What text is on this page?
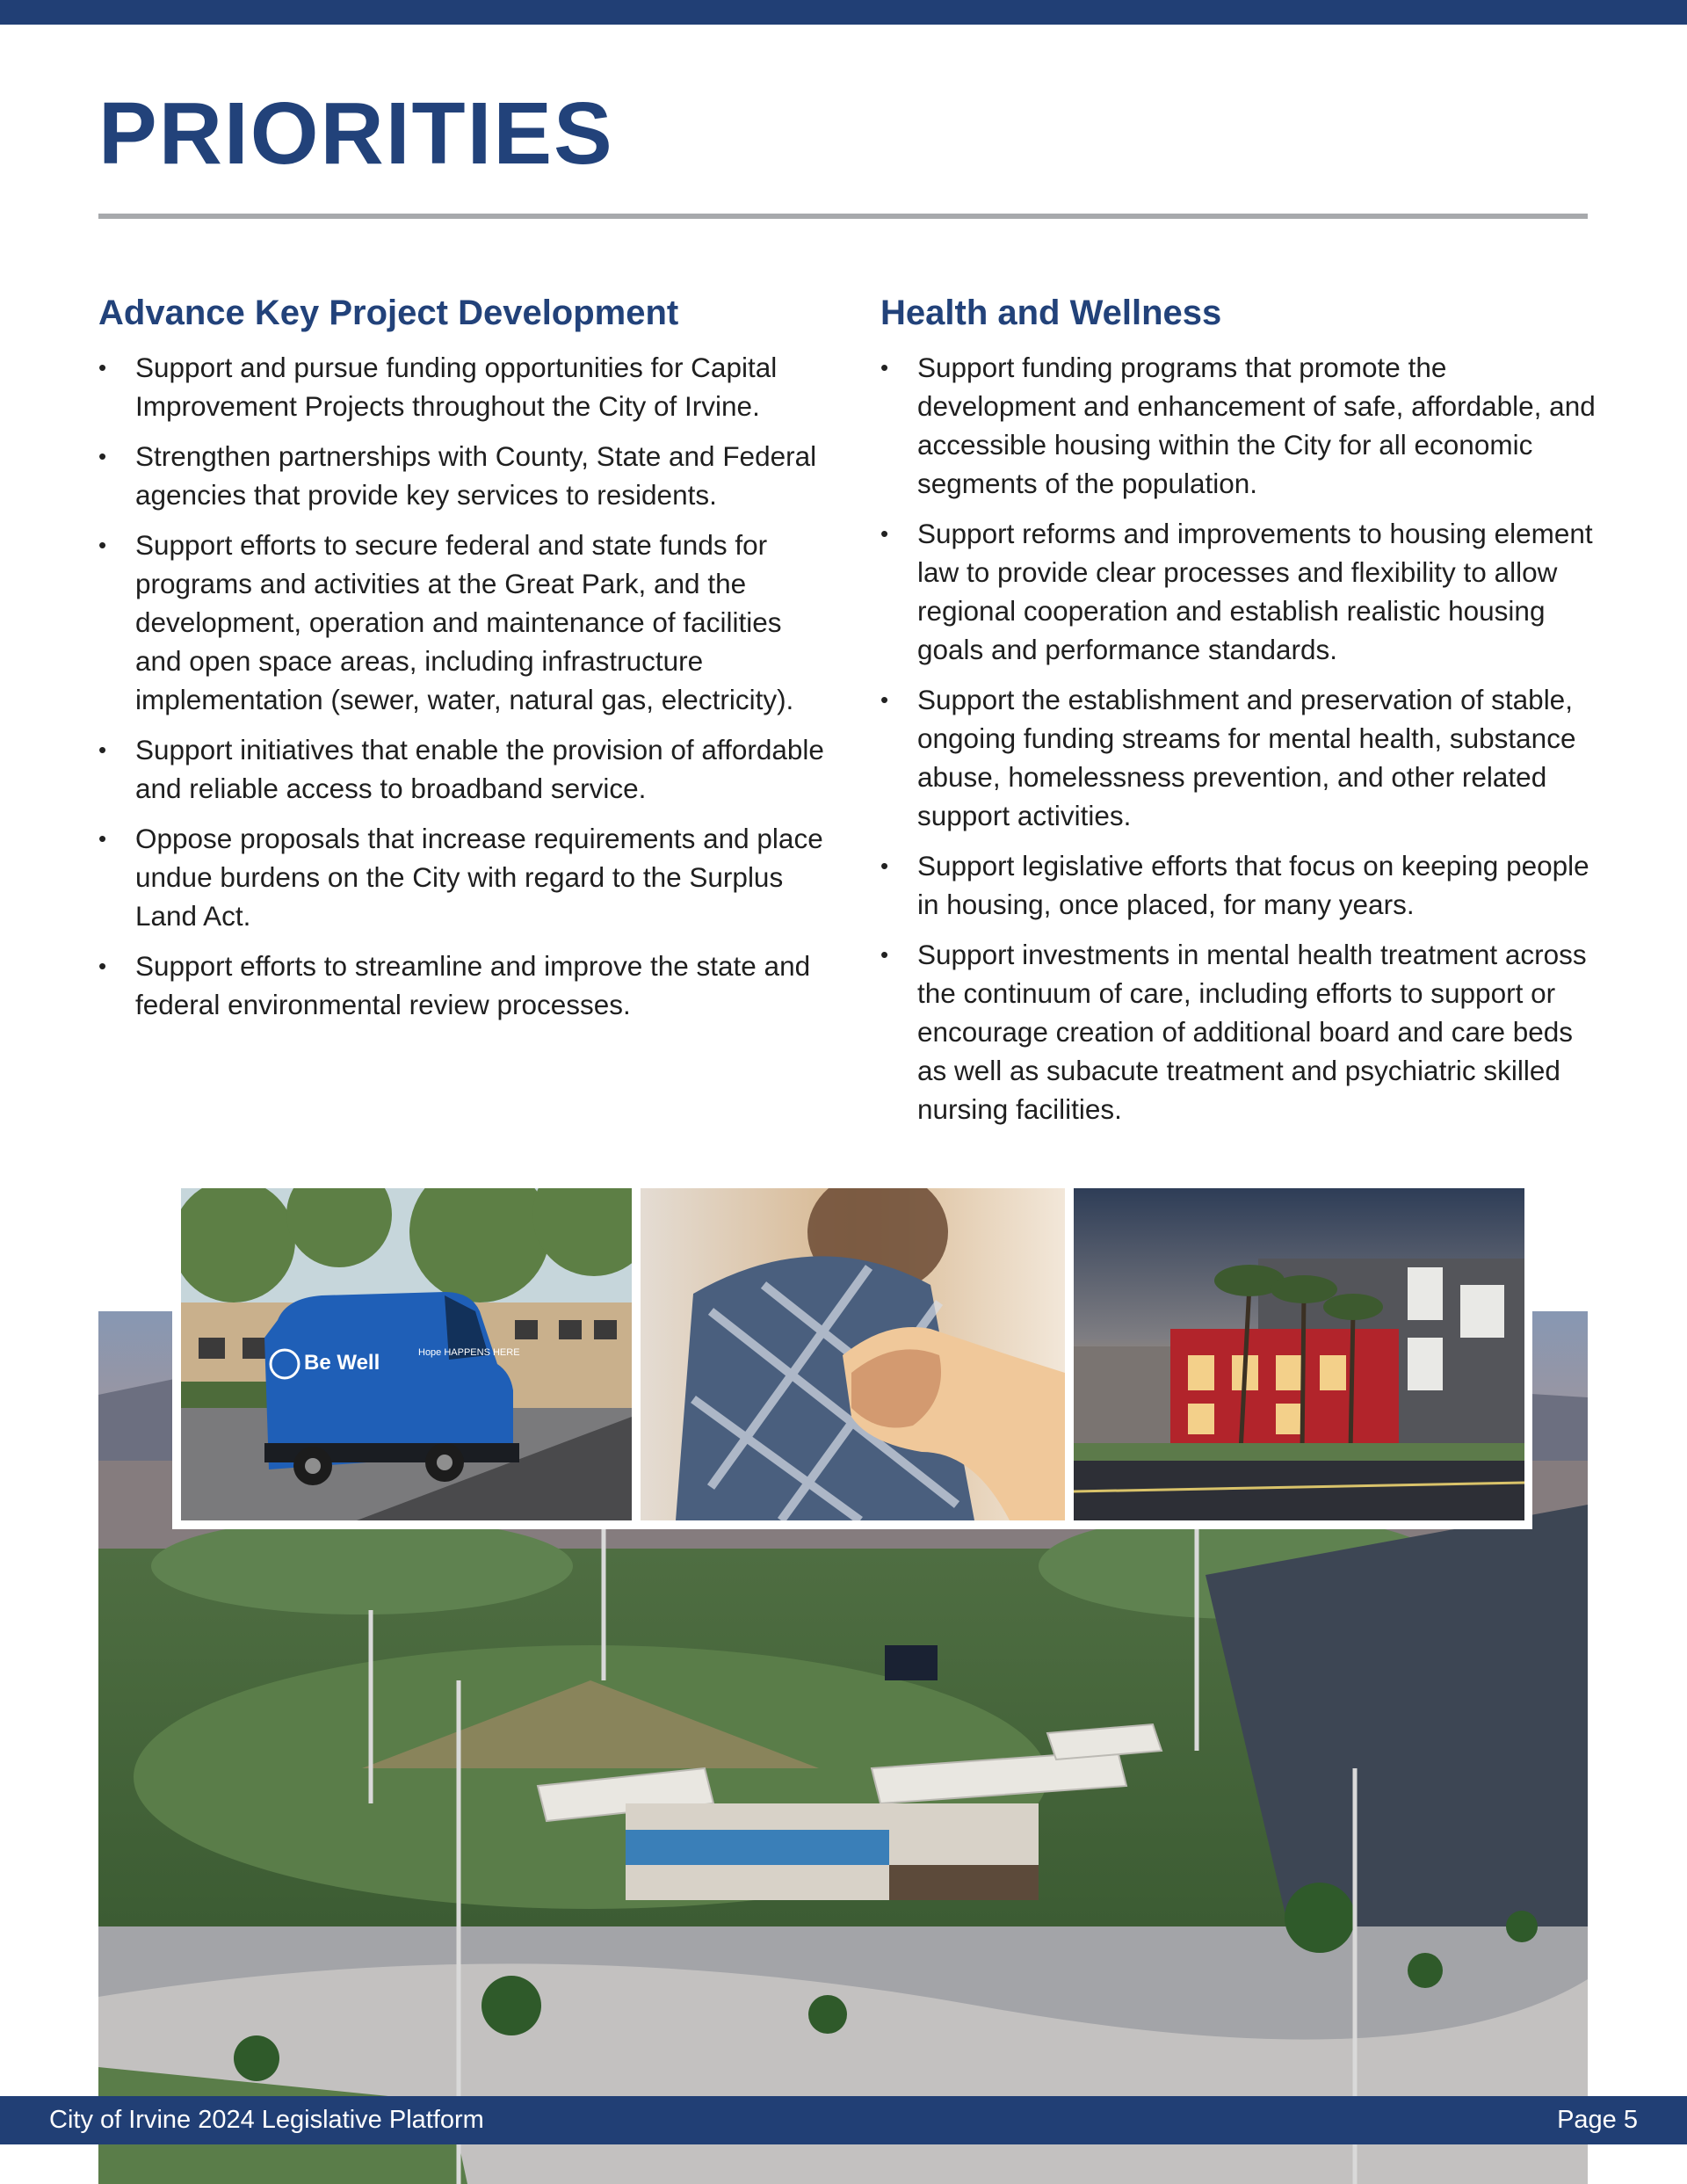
PRIORITIES
Advance Key Project Development
• Support and pursue funding opportunities for Capital Improvement Projects throughout the City of Irvine.
• Strengthen partnerships with County, State and Federal agencies that provide key services to residents.
• Support efforts to secure federal and state funds for programs and activities at the Great Park, and the development, operation and maintenance of facilities and open space areas, including infrastructure implementation (sewer, water, natural gas, electricity).
• Support initiatives that enable the provision of affordable and reliable access to broadband service.
• Oppose proposals that increase requirements and place undue burdens on the City with regard to the Surplus Land Act.
• Support efforts to streamline and improve the state and federal environmental review processes.
Health and Wellness
• Support funding programs that promote the development and enhancement of safe, affordable, and accessible housing within the City for all economic segments of the population.
• Support reforms and improvements to housing element law to provide clear processes and flexibility to allow regional cooperation and establish realistic housing goals and performance standards.
• Support the establishment and preservation of stable, ongoing funding streams for mental health, substance abuse, homelessness prevention, and other related support activities.
• Support legislative efforts that focus on keeping people in housing, once placed, for many years.
• Support investments in mental health treatment across the continuum of care, including efforts to support or encourage creation of additional board and care beds as well as subacute treatment and psychiatric skilled nursing facilities.
Be Well	Hope HAPPENS HERE
City of Irvine 2024 Legislative Platform	Page 5
